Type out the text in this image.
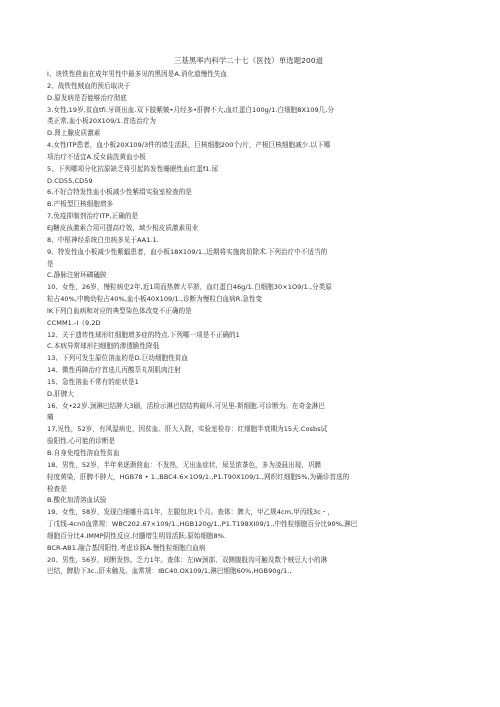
三基黑率内科学二十七（医技）单选题200道
I、块铁性茴血在成年男性中最多见的黑因是A.消化道慢性失血
2、战铁性贼血的预后取决于
D.原发病是否能够治疗彻底
3.女性,19岁,贫血tfi.牙斑出血.双下肢紫皴•月经多•肝脾不大,血红蛋白100g/1.白细胞8X109几,分
类正常,血小板20X109/1.首选治疗为
D.肾上腺皮质激素
4,女性ITP患者，血小板20X109/3件的墙生活跃，巨核细胞200个/片，产板巨核细胞减少.以下哪
项治疗不适宜A.反女曲洗黄血小板
5、下列哪项分化抗原缺乏将引起阵发性睡眠性血红蛋f1.尿
D.CD55,CD59
6,不好合特发性血小板减少性紫绢实验室检查的是
B.产板型巨核细胞增多
7,免疫抑制剂治疗ITP,正确的是
EJ糖皮孩激素合用可提高疗效，域少相皮质激素用业
8、中枢神经系统白虫病多见于AA1.1.
9、特发性血小板减少性紫蝠患者，血小板18X109/1.,近期将实施肉切除术.下列治疗中不适当的
是
C.静脉注射环磷磕胺
10、女性，26岁，慢粒病史2年,近1周而热牌大平脐，血红蛋白46g/1.白细胞30×1O9/1.,分类原
粒占40%,中晚幼粒占40%,血小板40X109/1.,诊断为慢粒白血病R.急性变
lK下列白血病和对应的典型柒色体改变不正确的是
CCMM1.-I（9,2D
12、关于遗传性球形红细胞增多症的特点.下列哪一项是不正确的1
C.本病异常球形扫细胞的渗透脆性降低
13、下列可发生原位溶血的是D.巨幼细胞性贫血
14、微性再障治疗首选儿丙酸萃丸胡肌肉注射
15、急性溶血不常有的症状是1
D.肝脾大
16、女•22岁.颈淋巴结肿大3刷，活检示淋巴结结构破坏,可见里-斯细胞.可诊断为。在奇金淋巴
痛
17,见性，52岁，有风湿病史，因贫血、肝大入院，实验室检存：红细胞半衰期为15天.Cosbs试
验阳性.心可能的诊断是
B.自身免疫性溶血性贫血
18、男性，52岁，半年来逐渐茴血：不发热，无出血症状，尿呈浓茶色，多为凌晨出现，巩膜
轻度黄染，肝脾不肿大，HGB78 • 1.,BBC4.6×1O9/1.,P1.T90X109/1.,网织红细胞5%,为确诊首选的
检查是
B.酸化加清溶血试验
19、女性，58岁，发现白细雕升高1年，左腿包块1个月。查体：脾大，甲乙规4cm,甲丙线3c・，
丁戊线-4cn0血常规：WBC202.67×109/1.,HGB120g/1.,P1.T198XI09/1.,中性粒细胞百分比90%,淋巴
细胞百分比4.IMMP阴性反应,付髓增生明显活跃,原始细胞8%.
BCR-AB1.融合基因阳性.考虑诊豚A.慢性粒细胞白血病
20、男性，56岁，间断发热、乏力1年。查体：左IW颈部、双侧腹股沟可触及数个贼豆大小的淋
巴结，脾肋下3c.,肝未触及。血常规：IBC40.OX109/1,淋巴细胞60%,HGB90g/1.,
